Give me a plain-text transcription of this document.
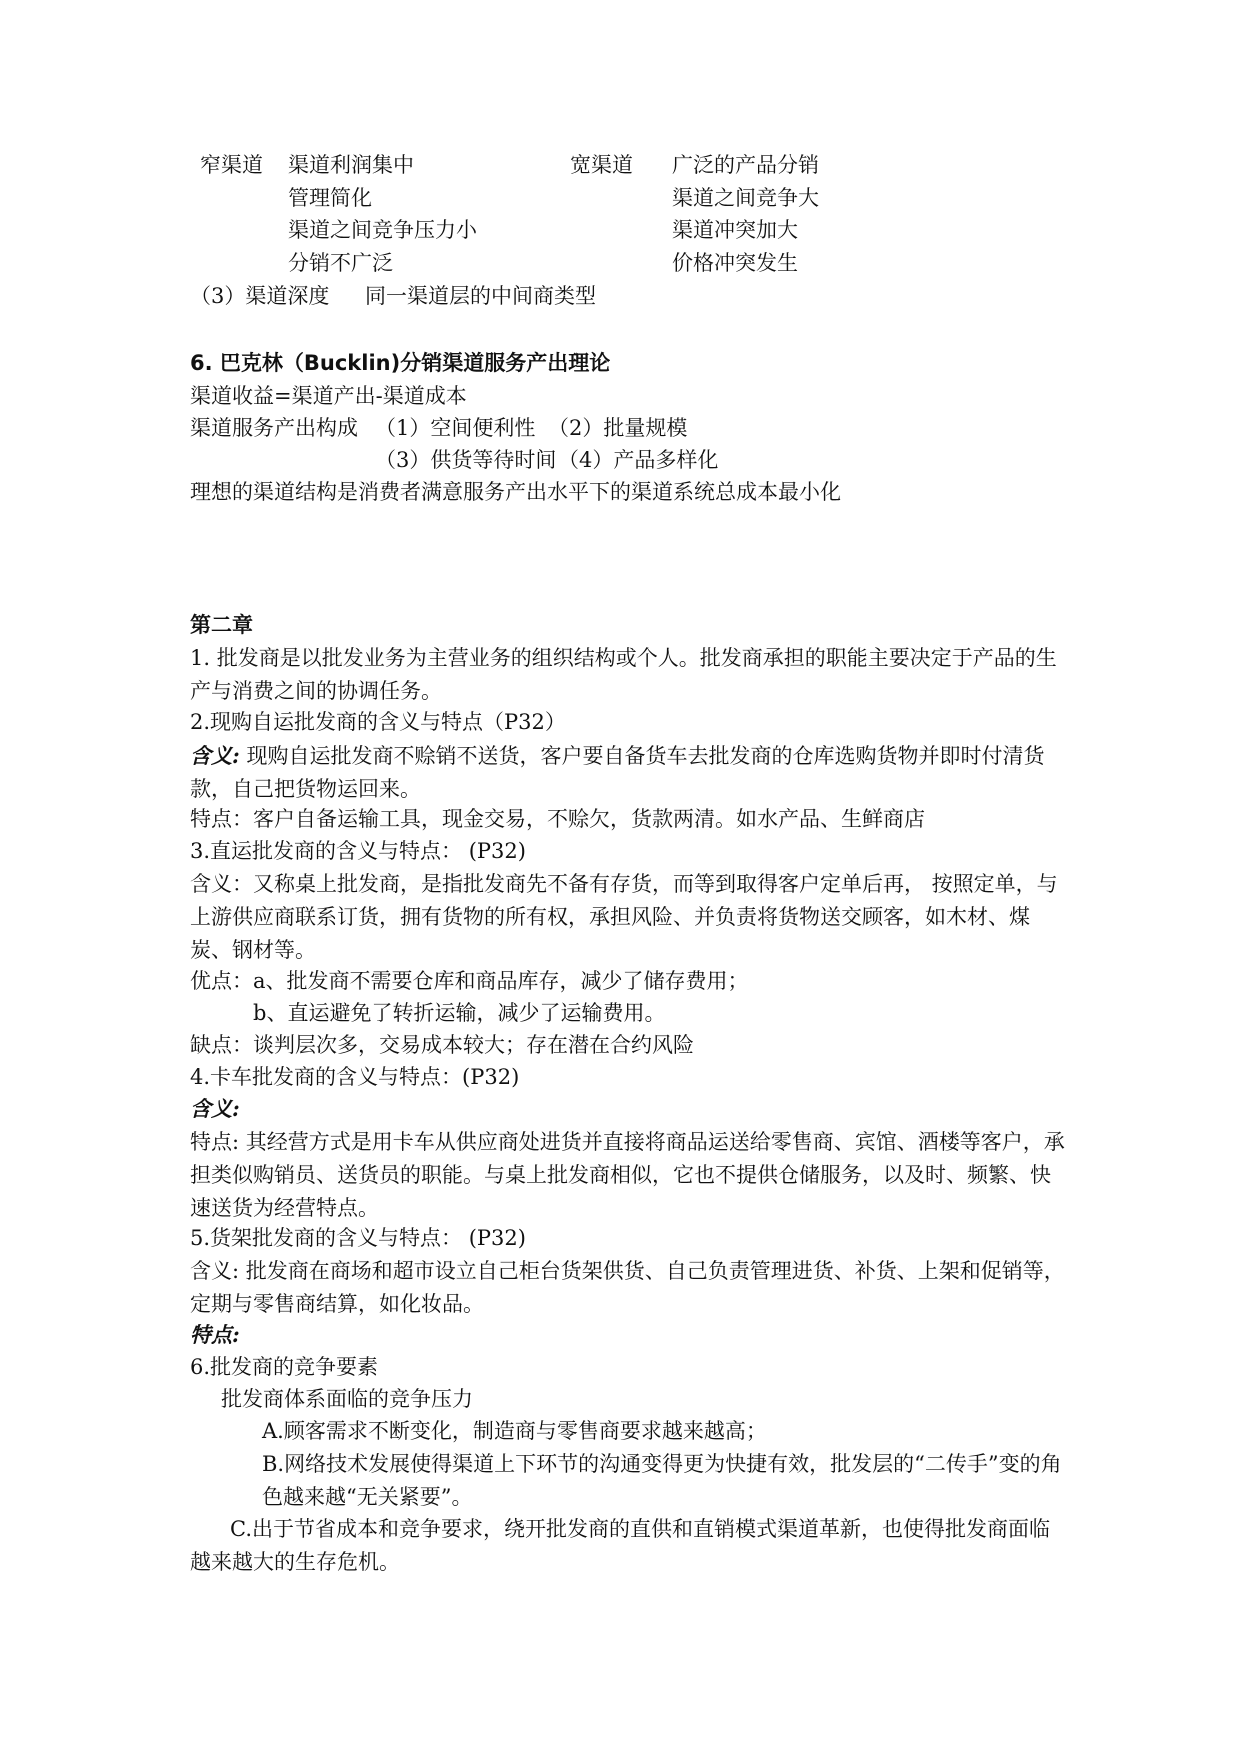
窄渠道 渠道利润集中
管理简化
渠道之间竞争压力小
分销不广泛
宽渠道 广泛的产品分销
渠道之间竞争大
渠道冲突加大
价格冲突发生
（3）渠道深度 同一渠道层的中间商类型
6. 巴克林（Bucklin)分销渠道服务产出理论
渠道收益=渠道产出-渠道成本
渠道服务产出构成 （1）空间便利性 （2）批量规模
（3）供货等待时间 （4）产品多样化
理想的渠道结构是消费者满意服务产出水平下的渠道系统总成本最小化
第二章
1. 批发商是以批发业务为主营业务的组织结构或个人。批发商承担的职能主要决定于产品的生产与消费之间的协调任务。
2.现购自运批发商的含义与特点（P32）
含义: 现购自运批发商不赊销不送货，客户要自备货车去批发商的仓库选购货物并即时付清货款，自己把货物运回来。
特点：客户自备运输工具，现金交易，不赊欠，货款两清。如水产品、生鲜商店
3.直运批发商的含义与特点： (P32)
含义：又称桌上批发商，是指批发商先不备有存货，而等到取得客户定单后再， 按照定单，与上游供应商联系订货，拥有货物的所有权，承担风险、并负责将货物送交顾客，如木材、煤炭、钢材等。
优点：a、批发商不需要仓库和商品库存，减少了储存费用；
b、直运避免了转折运输，减少了运输费用。
缺点：谈判层次多，交易成本较大；存在潜在合约风险
4.卡车批发商的含义与特点：(P32)
含义:
特点: 其经营方式是用卡车从供应商处进货并直接将商品运送给零售商、宾馆、酒楼等客户，承担类似购销员、送货员的职能。与桌上批发商相似，它也不提供仓储服务，以及时、频繁、快速送货为经营特点。
5.货架批发商的含义与特点： (P32)
含义: 批发商在商场和超市设立自己柜台货架供货、自己负责管理进货、补货、上架和促销等，定期与零售商结算，如化妆品。
特点:
6.批发商的竞争要素
批发商体系面临的竞争压力
A.顾客需求不断变化，制造商与零售商要求越来越高；
B.网络技术发展使得渠道上下环节的沟通变得更为快捷有效，批发层的“二传手”变的角色越来越“无关紧要”。
C.出于节省成本和竞争要求，绕开批发商的直供和直销模式渠道革新，也使得批发商面临越来越大的生存危机。
